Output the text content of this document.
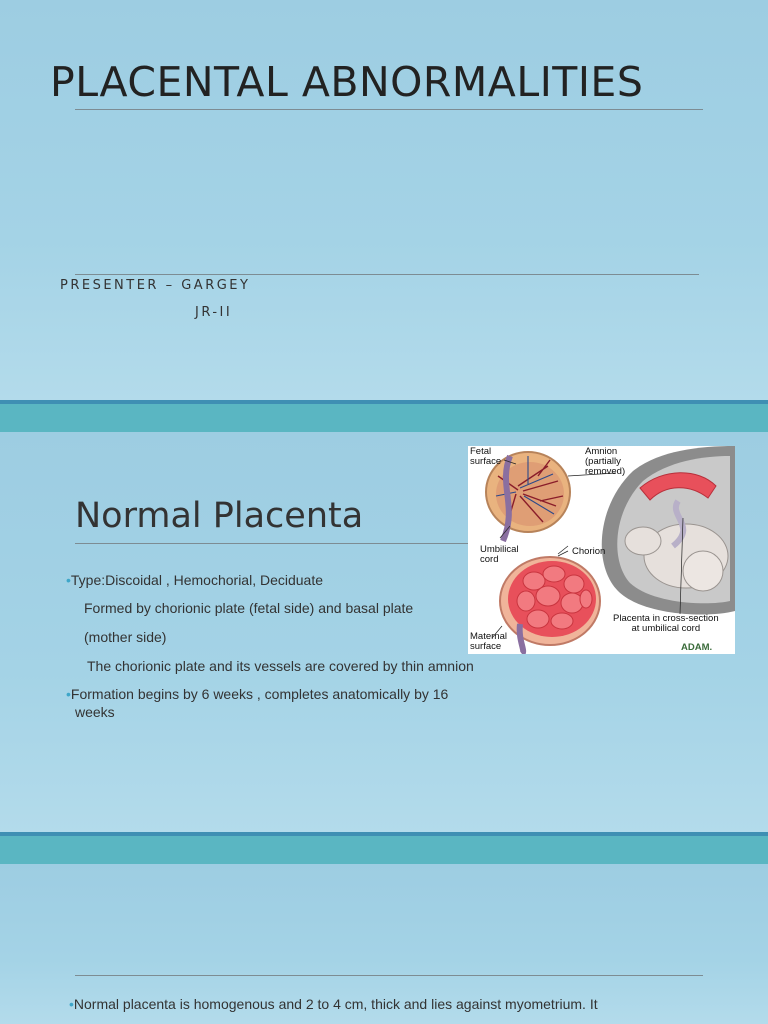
PLACENTAL ABNORMALITIES
PRESENTER – GARGEY
JR-II
Normal Placenta
•Type:Discoidal , Hemochorial, Deciduate
Formed by chorionic plate (fetal side) and basal plate
(mother side)
The chorionic plate and its vessels are covered by thin amnion
•Formation begins by 6 weeks , completes anatomically by 16
weeks
Fetal
surface
Amnion
(partially
removed)
Umbilical
cord
Chorion
Maternal
surface
Placenta in cross-section
at umbilical cord
ADAM.
•Normal placenta is homogenous and 2 to 4 cm, thick and lies against myometrium. It
